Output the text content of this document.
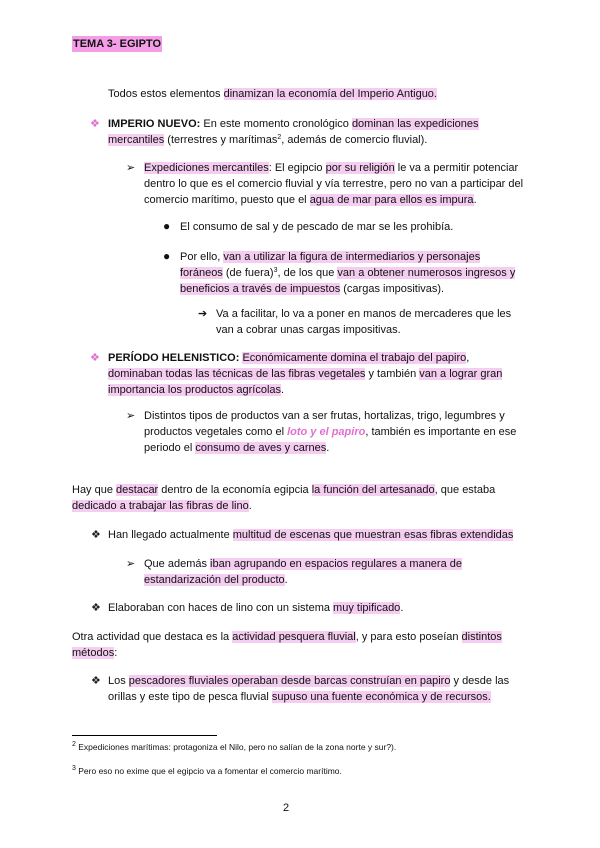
TEMA 3- EGIPTO
Todos estos elementos dinamizan la economía del Imperio Antiguo.
❖ IMPERIO NUEVO: En este momento cronológico dominan las expediciones
mercantiles (terrestres y marítimas$^2$, además de comercio fluvial).
➢ Expediciones mercantiles: El egipcio por su religión le va a permitir potenciar
dentro lo que es el comercio fluvial y vía terrestre, pero no van a participar del
comercio marítimo, puesto que el agua de mar para ellos es impura.
● El consumo de sal y de pescado de mar se les prohibía.
● Por ello, van a utilizar la figura de intermediarios y personajes
foráneos (de fuera)$^3$, de los que van a obtener numerosos ingresos y
beneficios a través de impuestos (cargas impositivas).
➔ Va a facilitar, lo va a poner en manos de mercaderes que les
van a cobrar unas cargas impositivas.
❖ PERÍODO HELENISTICO: Económicamente domina el trabajo del papiro,
dominaban todas las técnicas de las fibras vegetales y también van a lograr gran
importancia los productos agrícolas.
➢ Distintos tipos de productos van a ser frutas, hortalizas, trigo, legumbres y
productos vegetales como el loto y el papiro, también es importante en ese
periodo el consumo de aves y carnes.
Hay que destacar dentro de la economía egipcia la función del artesanado, que estaba
dedicado a trabajar las fibras de lino.
❖ Han llegado actualmente multitud de escenas que muestran esas fibras extendidas
➢ Que además iban agrupando en espacios regulares a manera de
estandarización del producto.
❖ Elaboraban con haces de lino con un sistema muy tipificado.
Otra actividad que destaca es la actividad pesquera fluvial, y para esto poseían distintos
métodos:
❖ Los pescadores fluviales operaban desde barcas construían en papiro y desde las
orillas y este tipo de pesca fluvial supuso una fuente económica y de recursos.
$^2$ Expediciones marítimas: protagoniza el Nilo, pero no salían de la zona norte y sur?).
$^3$ Pero eso no exime que el egipcio va a fomentar el comercio marítimo.
2
